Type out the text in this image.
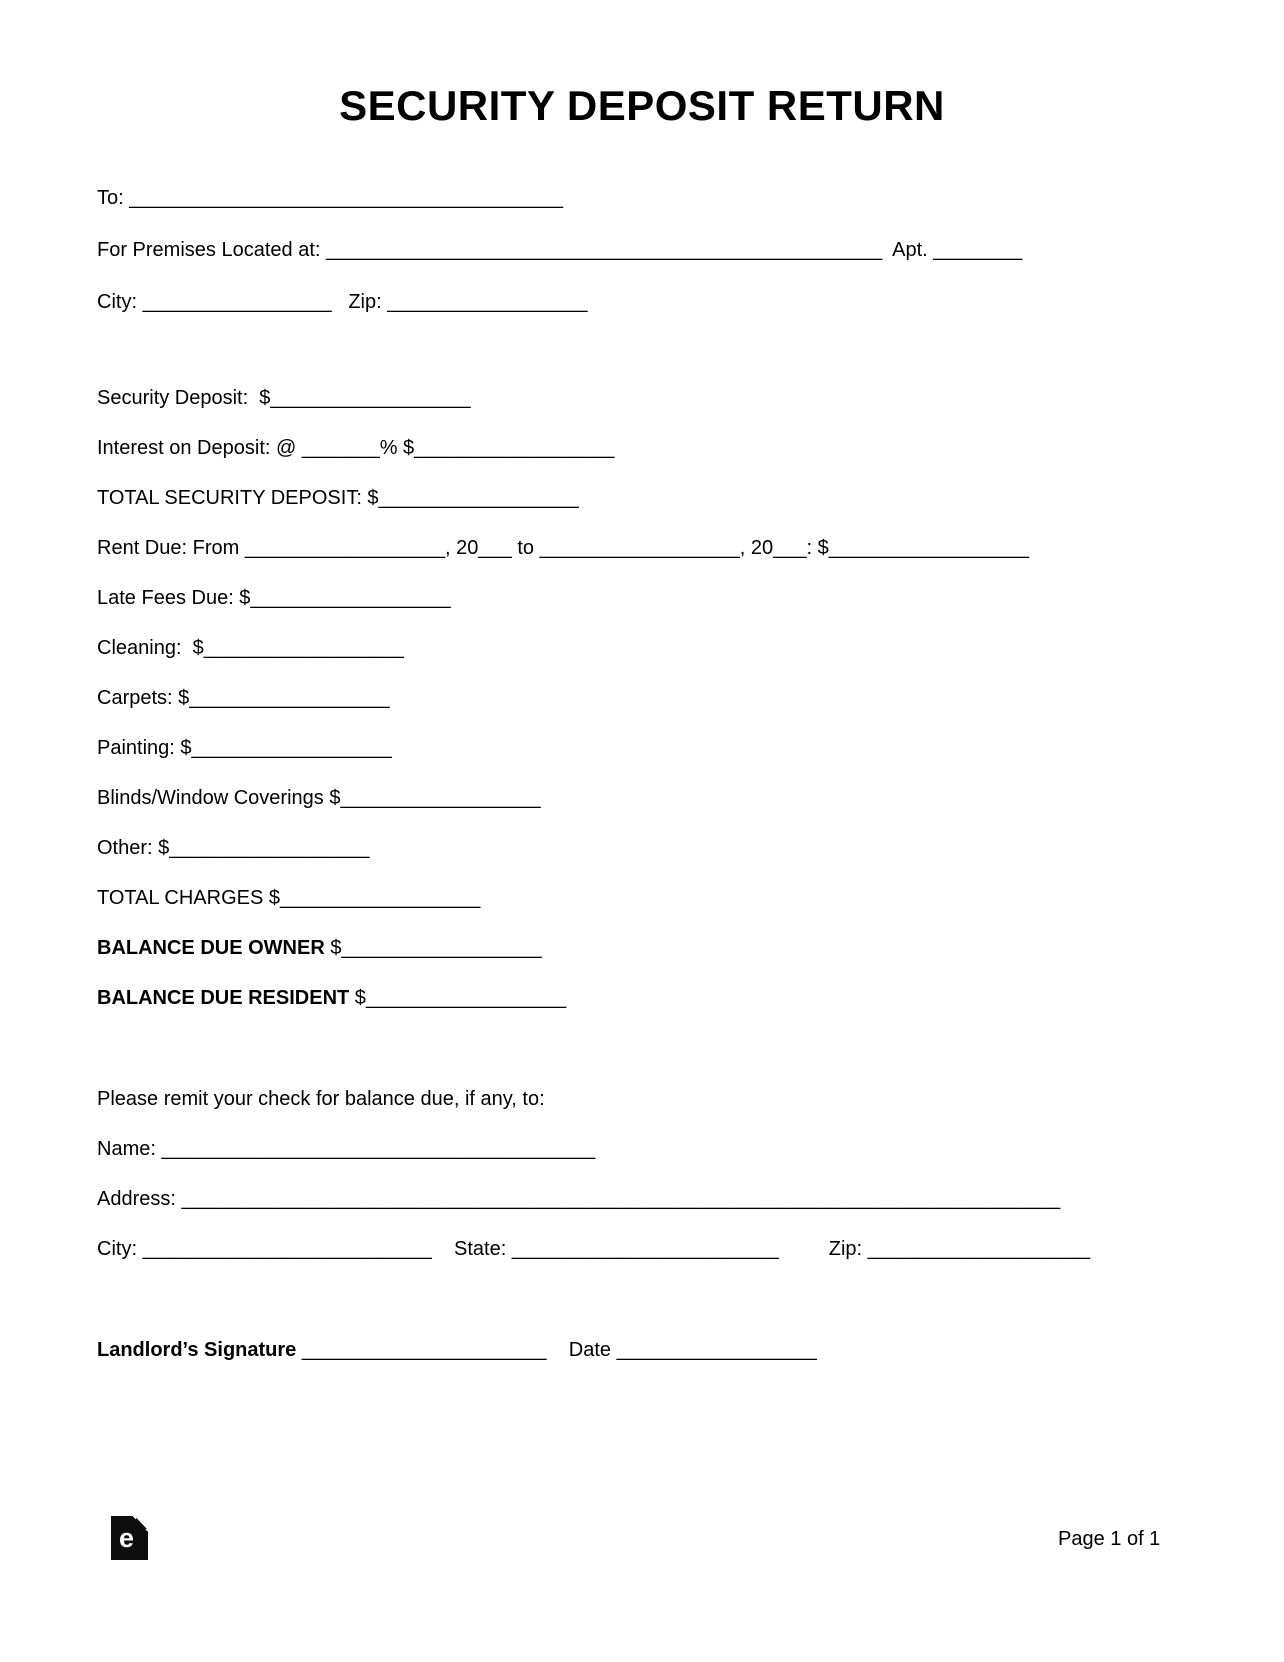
SECURITY DEPOSIT RETURN
To: _______________________________________
For Premises Located at: __________________________________________________  Apt. ________
City: _________________   Zip: __________________
Security Deposit:  $__________________
Interest on Deposit: @ _______% $__________________
TOTAL SECURITY DEPOSIT: $__________________
Rent Due: From __________________, 20___ to __________________, 20___: $__________________
Late Fees Due: $__________________
Cleaning:  $__________________
Carpets: $__________________
Painting: $__________________
Blinds/Window Coverings $__________________
Other: $__________________
TOTAL CHARGES $__________________
BALANCE DUE OWNER $__________________
BALANCE DUE RESIDENT $__________________
Please remit your check for balance due, if any, to:
Name: _______________________________________
Address: _______________________________________________________________________________
City: __________________________    State: ________________________         Zip: ____________________
Landlord’s Signature ______________________    Date __________________
e	Page 1 of 1
